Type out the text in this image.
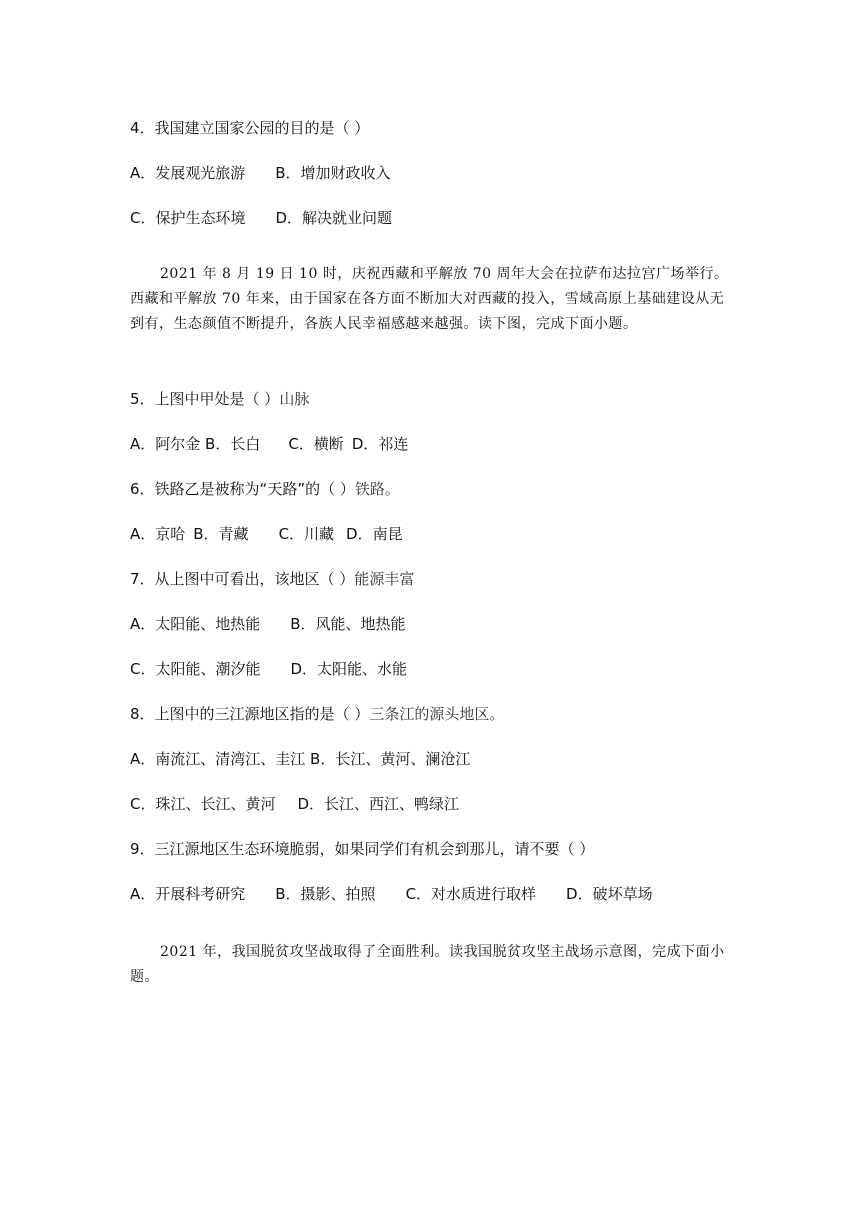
4．我国建立国家公园的目的是（ ）
A．发展观光旅游 B．增加财政收入
C．保护生态环境 D．解决就业问题
2021 年 8 月 19 日 10 时，庆祝西藏和平解放 70 周年大会在拉萨布达拉宫广场举行。西藏和平解放 70 年来，由于国家在各方面不断加大对西藏的投入，雪域高原上基础建设从无到有，生态颜值不断提升，各族人民幸福感越来越强。读下图，完成下面小题。
5．上图中甲处是（ ）山脉
A．阿尔金 B．长白 C．横断 D．祁连
6．铁路乙是被称为“天路”的（ ）铁路。
A．京哈 B．青藏 C．川藏 D．南昆
7．从上图中可看出，该地区（ ）能源丰富
A．太阳能、地热能 B．风能、地热能
C．太阳能、潮汐能 D．太阳能、水能
8．上图中的三江源地区指的是（ ）三条江的源头地区。
A．南流江、清湾江、圭江 B．长江、黄河、澜沧江
C．珠江、长江、黄河 D．长江、西江、鸭绿江
9．三江源地区生态环境脆弱，如果同学们有机会到那儿，请不要（ ）
A．开展科考研究 B．摄影、拍照 C．对水质进行取样 D．破坏草场
2021 年，我国脱贫攻坚战取得了全面胜利。读我国脱贫攻坚主战场示意图，完成下面小题。
